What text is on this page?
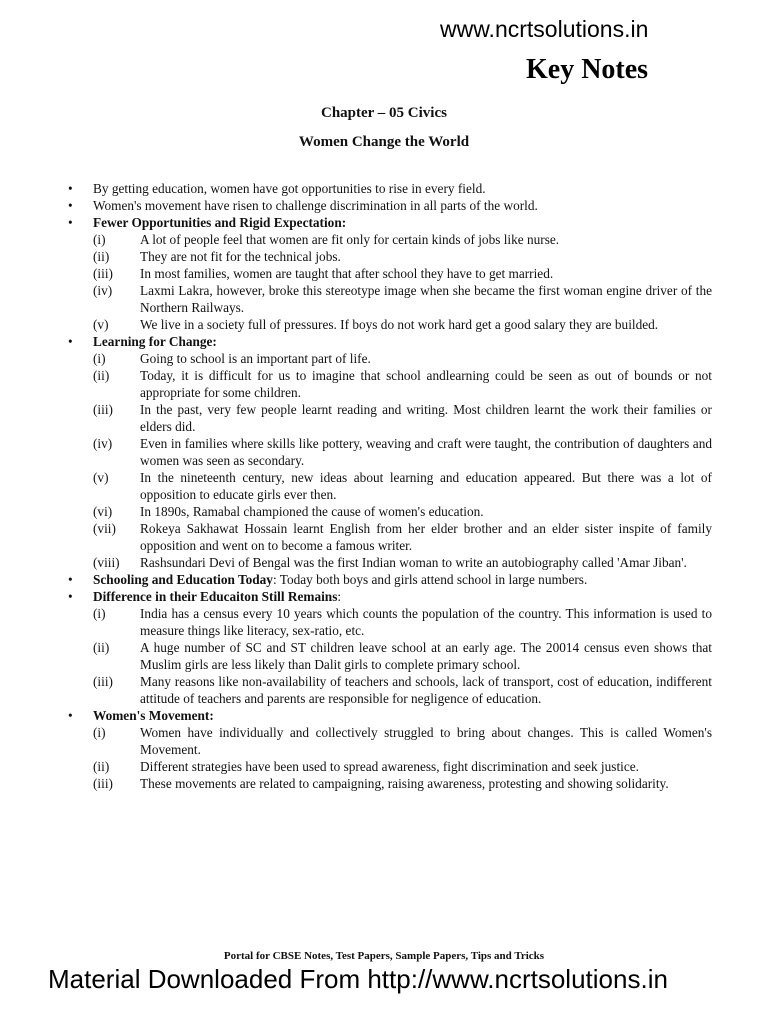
www.ncrtsolutions.in
Key Notes
Chapter – 05 Civics
Women Change the World
•	By getting education, women have got opportunities to rise in every field.
•	Women's movement have risen to challenge discrimination in all parts of the world.
•	Fewer Opportunities and Rigid Expectation:
(i)	A lot of people feel that women are fit only for certain kinds of jobs like nurse.
(ii)	They are not fit for the technical jobs.
(iii)	In most families, women are taught that after school they have to get married.
(iv)	Laxmi Lakra, however, broke this stereotype image when she became the first woman engine driver of the Northern Railways.
(v)	We live in a society full of pressures. If boys do not work hard get a good salary they are builded.
•	Learning for Change:
(i)	Going to school is an important part of life.
(ii)	Today, it is difficult for us to imagine that school andlearning could be seen as out of bounds or not appropriate for some children.
(iii)	In the past, very few people learnt reading and writing. Most children learnt the work their families or elders did.
(iv)	Even in families where skills like pottery, weaving and craft were taught, the contribution of daughters and women was seen as secondary.
(v)	In the nineteenth century, new ideas about learning and education appeared. But there was a lot of opposition to educate girls ever then.
(vi)	In 1890s, Ramabal championed the cause of women's education.
(vii)	Rokeya Sakhawat Hossain learnt English from her elder brother and an elder sister inspite of family opposition and went on to become a famous writer.
(viii)	Rashsundari Devi of Bengal was the first Indian woman to write an autobiography called 'Amar Jiban'.
•	Schooling and Education Today: Today both boys and girls attend school in large numbers.
•	Difference in their Educaiton Still Remains:
(i)	India has a census every 10 years which counts the population of the country. This information is used to measure things like literacy, sex-ratio, etc.
(ii)	A huge number of SC and ST children leave school at an early age. The 20014 census even shows that Muslim girls are less likely than Dalit girls to complete primary school.
(iii)	Many reasons like non-availability of teachers and schools, lack of transport, cost of education, indifferent attitude of teachers and parents are responsible for negligence of education.
•	Women's Movement:
(i)	Women have individually and collectively struggled to bring about changes. This is called Women's Movement.
(ii)	Different strategies have been used to spread awareness, fight discrimination and seek justice.
(iii)	These movements are related to campaigning, raising awareness, protesting and showing solidarity.
Portal for CBSE Notes, Test Papers, Sample Papers, Tips and Tricks
Material Downloaded From http://www.ncrtsolutions.in
